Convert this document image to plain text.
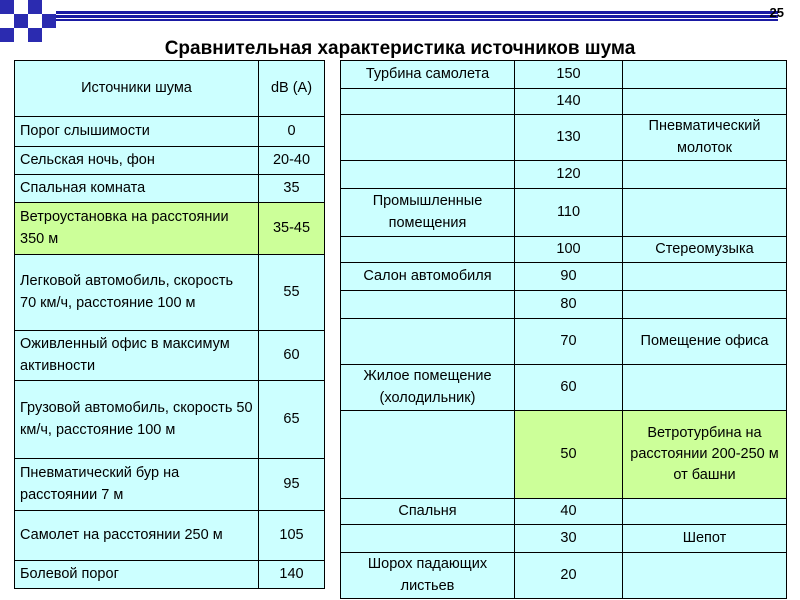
25
Сравнительная характеристика источников шума
Источники шума	dB (A)
Порог слышимости	0
Сельская ночь, фон	20-40
Спальная комната	35
Ветроустановка на расстоянии 350 м	35-45
Легковой автомобиль, скорость 70 км/ч, расстояние 100 м	55
Оживленный офис в максимум активности	60
Грузовой автомобиль, скорость 50 км/ч, расстояние 100 м	65
Пневматический бур на расстоянии 7 м	95
Самолет на расстоянии 250 м	105
Болевой порог	140
Турбина самолета	150	
	140	
	130	Пневматический молоток
	120	
Промышленные помещения	110	
	100	Стереомузыка
Салон автомобиля	90	
	80	
	70	Помещение офиса
Жилое помещение (холодильник)	60	
	50	Ветротурбина на расстоянии 200-250 м от башни
Спальня	40	
	30	Шепот
Шорох падающих листьев	20	
